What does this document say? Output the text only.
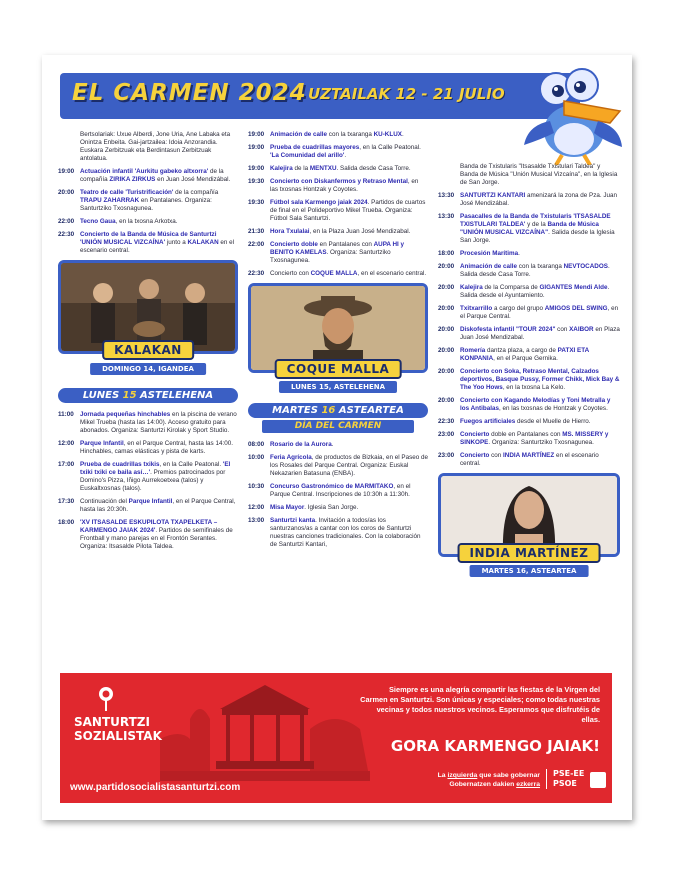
EL CARMEN 2024 UZTAILAK 12 - 21 JULIO
Bertsolariak: Uxue Alberdi, Jone Uria, Ane Labaka eta Onintza Enbeita. Gai-jartzailea: Idoia Anzorandia. Euskara Zerbitzuak eta Berdintasun Zerbitzuak antolatua.
19:00 Actuación infantil 'Aurkitu gabeko altxorra' de la compañía ZIRIKA ZIRKUS en Juan José Mendizábal.
20:00 Teatro de calle 'Turistrificación' de la compañía TRAPU ZAHARRAK en Pantalanes. Organiza: Santurtziko Txosnagunea.
22:00 Tecno Gaua, en la txosna Arkotxa.
22:30 Concierto de la Banda de Música de Santurtzi 'UNIÓN MUSICAL VIZCAÍNA' junto a KALAKAN en el escenario central.
KALAKAN
DOMINGO 14, IGANDEA
LUNES 15 ASTELEHENA
11:00 Jornada pequeñas hinchables en la piscina de verano Mikel Trueba (hasta las 14:00). Acceso gratuito para abonados. Organiza: Santurtzi Kirolak y Sport Studio.
12:00 Parque Infantil, en el Parque Central, hasta las 14:00. Hinchables, camas elásticas y pista de karts.
17:00 Prueba de cuadrillas txikis, en la Calle Peatonal. 'El txiki txiki ce baila así…'. Premios patrocinados por Domino's Pizza, Iñigo Aurrekoetxea (talos) y Euskaltxosnas (talos).
17:30 Continuación del Parque Infantil, en el Parque Central, hasta las 20:30h.
18:00 'XV ITSASALDE ESKUPILOTA TXAPELKETA – KARMENGO JAIAK 2024'. Partidos de semifinales de Frontball y mano parejas en el Frontón Serantes. Organiza: Itsasalde Pilota Taldea.
19:00 Animación de calle con la txaranga KU-KLUX.
19:00 Prueba de cuadrillas mayores, en la Calle Peatonal. 'La Comunidad del arillo'.
19:00 Kalejira de la MENTXU. Salida desde Casa Torre.
19:30 Concierto con Diskanfermos y Retraso Mental, en las txosnas Hontzak y Coyotes.
19:30 Fútbol sala Karmengo jaiak 2024. Partidos de cuartos de final en el Polideportivo Mikel Trueba. Organiza: Fútbol Sala Santurtzi.
21:30 Hora Txulalai, en la Plaza Juan José Mendizabal.
22:00 Concierto doble en Pantalanes con AUPA HI y BENITO KAMELAS. Organiza: Santurtziko Txosnagunea.
22:30 Concierto con COQUE MALLA, en el escenario central.
COQUE MALLA
LUNES 15, ASTELEHENA
MARTES 16 ASTEARTEA
DÍA DEL CARMEN
08:00 Rosario de la Aurora.
10:00 Feria Agrícola, de productos de Bizkaia, en el Paseo de los Rosales del Parque Central. Organiza: Euskal Nekazarien Batasuna (ENBA).
10:30 Concurso Gastronómico de MARMITAKO, en el Parque Central. Inscripciones de 10:30h a 11:30h.
12:00 Misa Mayor. Iglesia San Jorge.
13:00 Santurtzi kanta. Invitación a todos/as los santurzanos/as a cantar con los coros de Santurtzi nuestras canciones tradicionales. Con la colaboración de Santurtzi Kantari,
Banda de Txistularis "Itsasalde Txistulari Taldea" y Banda de Música "Unión Musical Vizcaína", en la Iglesia de San Jorge.
13:30 SANTURTZI KANTARI amenizará la zona de Pza. Juan José Mendizábal.
13:30 Pasacalles de la Banda de Txistularis 'ITSASALDE TXISTULARI TALDEA' y de la Banda de Música "UNIÓN MUSICAL VIZCAÍNA". Salida desde la Iglesia San Jorge.
18:00 Procesión Marítima.
20:00 Animación de calle con la txaranga NEVTOCADOS. Salida desde Casa Torre.
20:00 Kalejira de la Comparsa de GIGANTES Mendi Alde. Salida desde el Ayuntamiento.
20:00 Txitxarrillo a cargo del grupo AMIGOS DEL SWING, en el Parque Central.
20:00 Diskofesta infantil "TOUR 2024" con XAIBOR en Plaza Juan José Mendizabal.
20:00 Romería dantza plaza, a cargo de PATXI ETA KONPANIA, en el Parque Gernika.
20:00 Concierto con Soka, Retraso Mental, Calzados deportivos, Basque Pussy, Former Chikk, Mick Bay & The Yoo Hows, en la txosna La Kelo.
20:00 Concierto con Kagando Melodías y Toni Metralla y los Antibalas, en las txosnas de Hontzak y Coyotes.
22:30 Fuegos artificiales desde el Muelle de Hierro.
23:00 Concierto doble en Pantalanes con MS. MISSERY y SINKOPE. Organiza: Santurtziko Txosnagunea.
23:00 Concierto con INDIA MARTÍNEZ en el escenario central.
INDIA MARTÍNEZ
MARTES 16, ASTEARTEA
SANTURTZI
SOZIALISTAK
Siempre es una alegría compartir las fiestas de la Virgen del Carmen en Santurtzi. Son únicas y especiales; como todas nuestras vecinas y todos nuestros vecinos. Esperamos que disfrutéis de ellas.
GORA KARMENGO JAIAK!
www.partidosocialistasanturtzi.com
La izquierda que sabe gobernar
Gobernatzen dakien ezkerra
PSE-EE
PSOE
